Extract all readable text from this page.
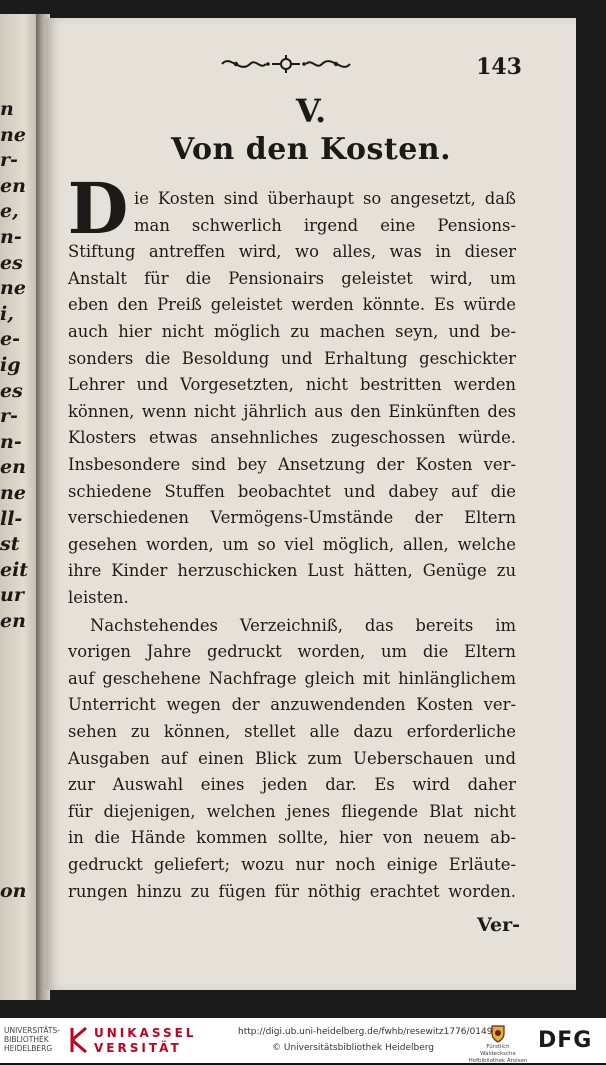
n
ne
r-
en
e,
n-
es
ne
i,
e-
ig
es
r-
n-
en
ne
ll-
st
eit
ur
en
on
143
V.
Von den Kosten.
D ie Kosten sind überhaupt so angesetzt, daß
man schwerlich irgend eine Pensions-
Stiftung antreffen wird, wo alles, was in dieser
Anstalt für die Pensionairs geleistet wird, um
eben den Preiß geleistet werden könnte. Es würde
auch hier nicht möglich zu machen seyn, und be-
sonders die Besoldung und Erhaltung geschickter
Lehrer und Vorgesetzten, nicht bestritten werden
können, wenn nicht jährlich aus den Einkünften des
Klosters etwas ansehnliches zugeschossen würde.
Insbesondere sind bey Ansetzung der Kosten ver-
schiedene Stuffen beobachtet und dabey auf die
verschiedenen Vermögens-Umstände der Eltern
gesehen worden, um so viel möglich, allen, welche
ihre Kinder herzuschicken Lust hätten, Genüge zu
leisten.
Nachstehendes Verzeichniß, das bereits im
vorigen Jahre gedruckt worden, um die Eltern
auf geschehene Nachfrage gleich mit hinlänglichem
Unterricht wegen der anzuwendenden Kosten ver-
sehen zu können, stellet alle dazu erforderliche
Ausgaben auf einen Blick zum Ueberschauen und
zur Auswahl eines jeden dar. Es wird daher
für diejenigen, welchen jenes fliegende Blat nicht
in die Hände kommen sollte, hier von neuem ab-
gedruckt geliefert; wozu nur noch einige Erläute-
rungen hinzu zu fügen für nöthig erachtet worden.
Ver-
UNIVERSITÄTS-
BIBLIOTHEK
HEIDELBERG
UNIKASSEL
VERSITÄT
http://digi.ub.uni-heidelberg.de/fwhb/resewitz1776/0149
© Universitätsbibliothek Heidelberg	Fürstlich Waldecksche
Hofbibliothek Arolsen
DFG
